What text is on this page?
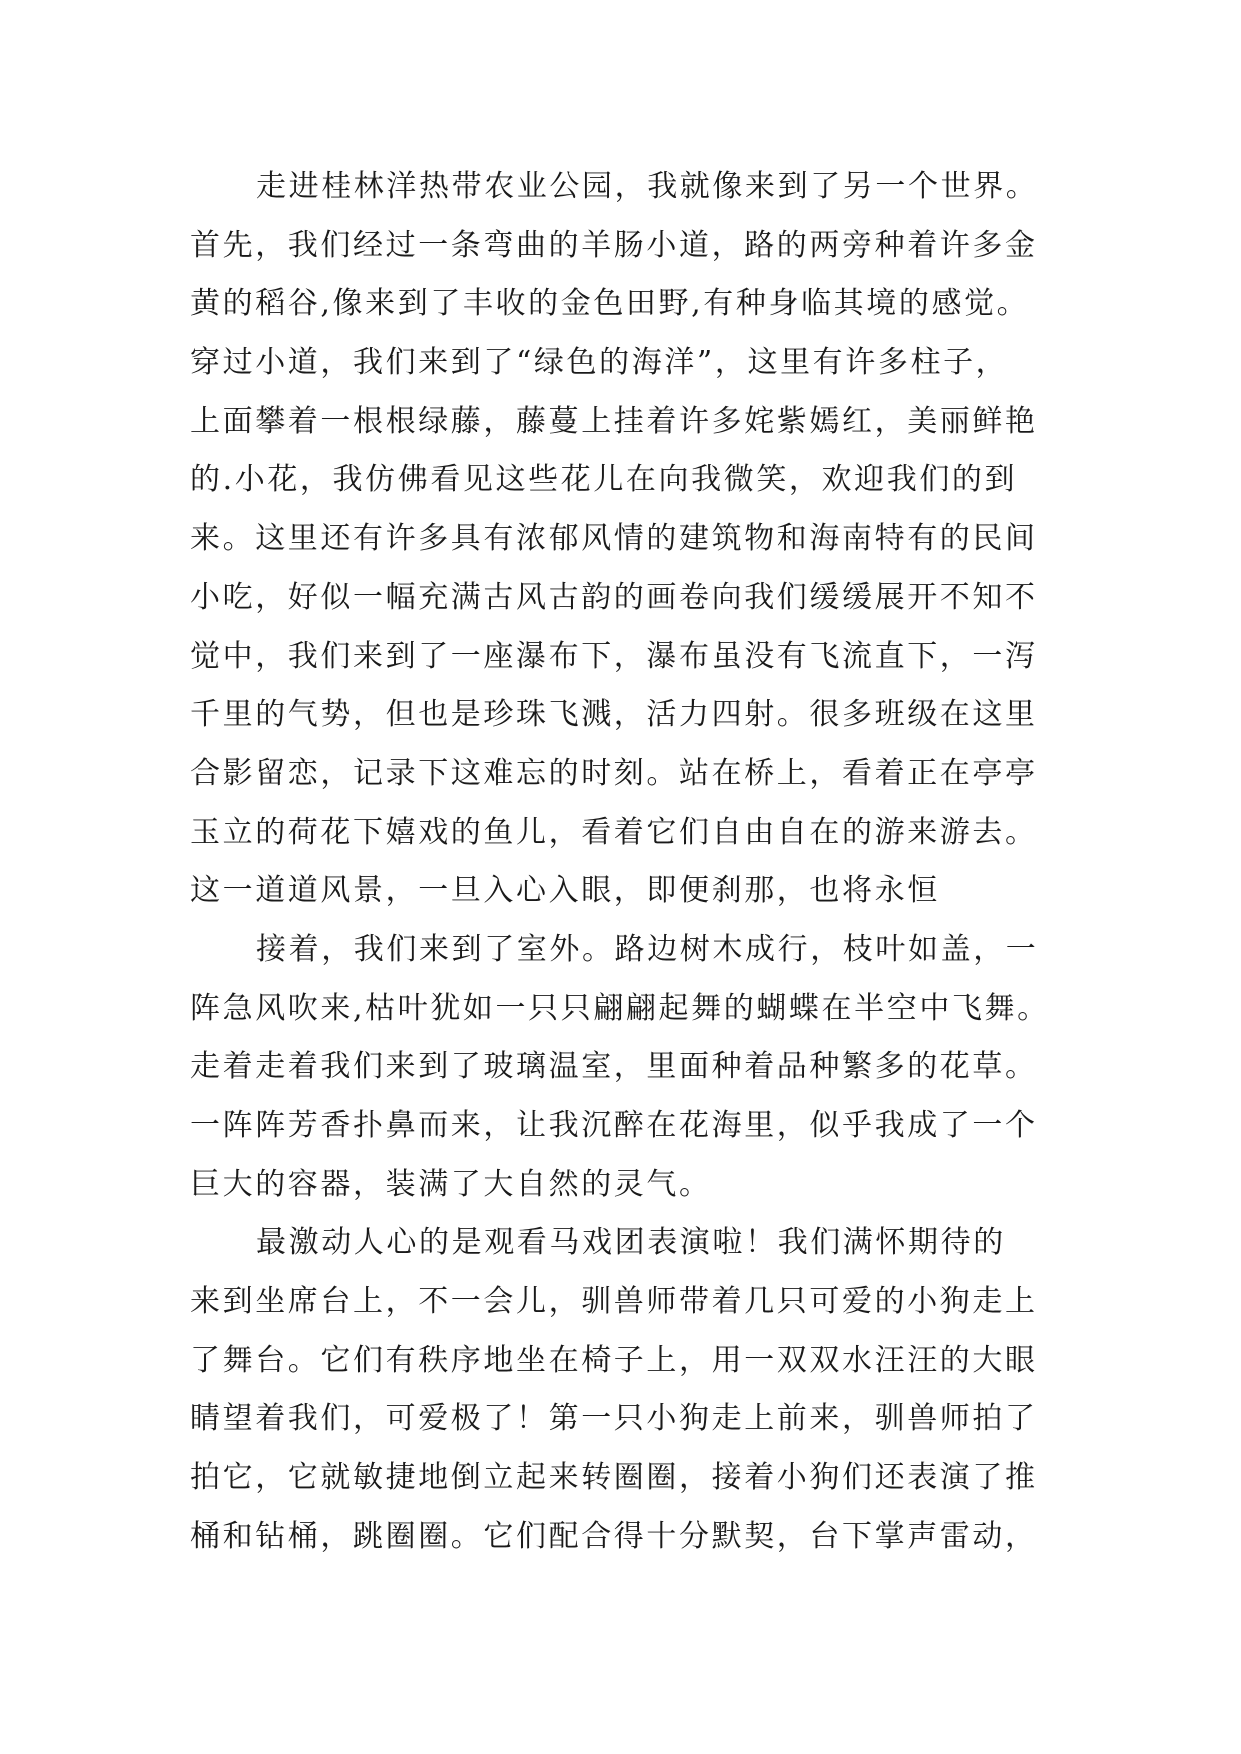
走进桂林洋热带农业公园，我就像来到了另一个世界。
首先，我们经过一条弯曲的羊肠小道，路的两旁种着许多金
黄的稻谷,像来到了丰收的金色田野,有种身临其境的感觉。
穿过小道，我们来到了“绿色的海洋”，这里有许多柱子，
上面攀着一根根绿藤，藤蔓上挂着许多姹紫嫣红，美丽鲜艳
的.小花，我仿佛看见这些花儿在向我微笑，欢迎我们的到
来。这里还有许多具有浓郁风情的建筑物和海南特有的民间
小吃，好似一幅充满古风古韵的画卷向我们缓缓展开不知不
觉中，我们来到了一座瀑布下，瀑布虽没有飞流直下，一泻
千里的气势，但也是珍珠飞溅，活力四射。很多班级在这里
合影留恋，记录下这难忘的时刻。站在桥上，看着正在亭亭
玉立的荷花下嬉戏的鱼儿，看着它们自由自在的游来游去。
这一道道风景，一旦入心入眼，即便刹那，也将永恒
接着，我们来到了室外。路边树木成行，枝叶如盖，一
阵急风吹来,枯叶犹如一只只翩翩起舞的蝴蝶在半空中飞舞。
走着走着我们来到了玻璃温室，里面种着品种繁多的花草。
一阵阵芳香扑鼻而来，让我沉醉在花海里，似乎我成了一个
巨大的容器，装满了大自然的灵气。
最激动人心的是观看马戏团表演啦！我们满怀期待的
来到坐席台上，不一会儿，驯兽师带着几只可爱的小狗走上
了舞台。它们有秩序地坐在椅子上，用一双双水汪汪的大眼
睛望着我们，可爱极了！第一只小狗走上前来，驯兽师拍了
拍它，它就敏捷地倒立起来转圈圈，接着小狗们还表演了推
桶和钻桶，跳圈圈。它们配合得十分默契，台下掌声雷动，
